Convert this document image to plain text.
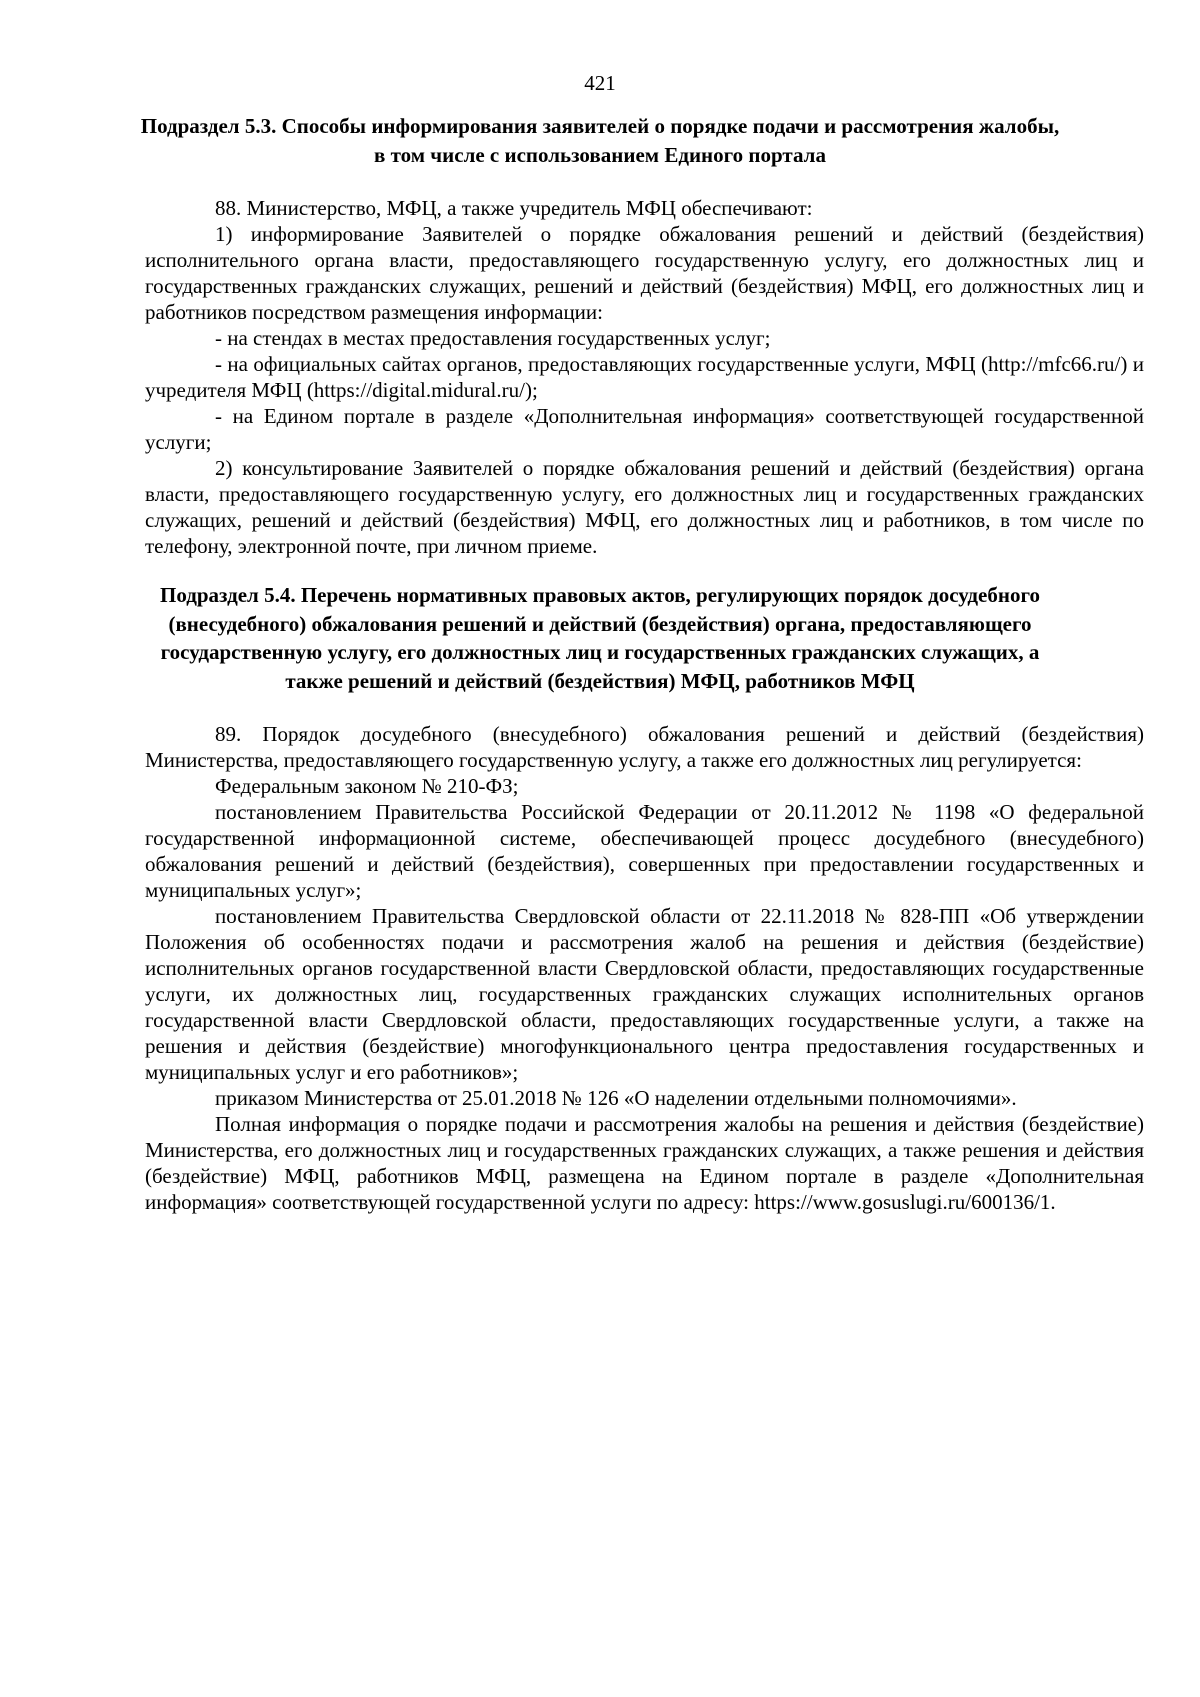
421
Подраздел 5.3. Способы информирования заявителей о порядке подачи и рассмотрения жалобы, в том числе с использованием Единого портала

88. Министерство, МФЦ, а также учредитель МФЦ обеспечивают:

1) информирование Заявителей о порядке обжалования решений и действий (бездействия) исполнительного органа власти, предоставляющего государственную услугу, его должностных лиц и государственных гражданских служащих, решений и действий (бездействия) МФЦ, его должностных лиц и работников посредством размещения информации:

- на стендах в местах предоставления государственных услуг;

- на официальных сайтах органов, предоставляющих государственные услуги, МФЦ (http://mfc66.ru/) и учредителя МФЦ (https://digital.midural.ru/);

- на Едином портале в разделе «Дополнительная информация» соответствующей государственной услуги;

2) консультирование Заявителей о порядке обжалования решений и действий (бездействия) органа власти, предоставляющего государственную услугу, его должностных лиц и государственных гражданских служащих, решений и действий (бездействия) МФЦ, его должностных лиц и работников, в том числе по телефону, электронной почте, при личном приеме.

Подраздел 5.4. Перечень нормативных правовых актов, регулирующих порядок досудебного (внесудебного) обжалования решений и действий (бездействия) органа, предоставляющего государственную услугу, его должностных лиц и государственных гражданских служащих, а также решений и действий (бездействия) МФЦ, работников МФЦ

89. Порядок досудебного (внесудебного) обжалования решений и действий (бездействия) Министерства, предоставляющего государственную услугу, а также его должностных лиц регулируется:

Федеральным законом № 210-ФЗ;

постановлением Правительства Российской Федерации от 20.11.2012 № 1198 «О федеральной государственной информационной системе, обеспечивающей процесс досудебного (внесудебного) обжалования решений и действий (бездействия), совершенных при предоставлении государственных и муниципальных услуг»;

постановлением Правительства Свердловской области от 22.11.2018 № 828-ПП «Об утверждении Положения об особенностях подачи и рассмотрения жалоб на решения и действия (бездействие) исполнительных органов государственной власти Свердловской области, предоставляющих государственные услуги, их должностных лиц, государственных гражданских служащих исполнительных органов государственной власти Свердловской области, предоставляющих государственные услуги, а также на решения и действия (бездействие) многофункционального центра предоставления государственных и муниципальных услуг и его работников»;

приказом Министерства от 25.01.2018 № 126 «О наделении отдельными полномочиями».

Полная информация о порядке подачи и рассмотрения жалобы на решения и действия (бездействие) Министерства, его должностных лиц и государственных гражданских служащих, а также решения и действия (бездействие) МФЦ, работников МФЦ, размещена на Едином портале в разделе «Дополнительная информация» соответствующей государственной услуги по адресу: https://www.gosuslugi.ru/600136/1.
